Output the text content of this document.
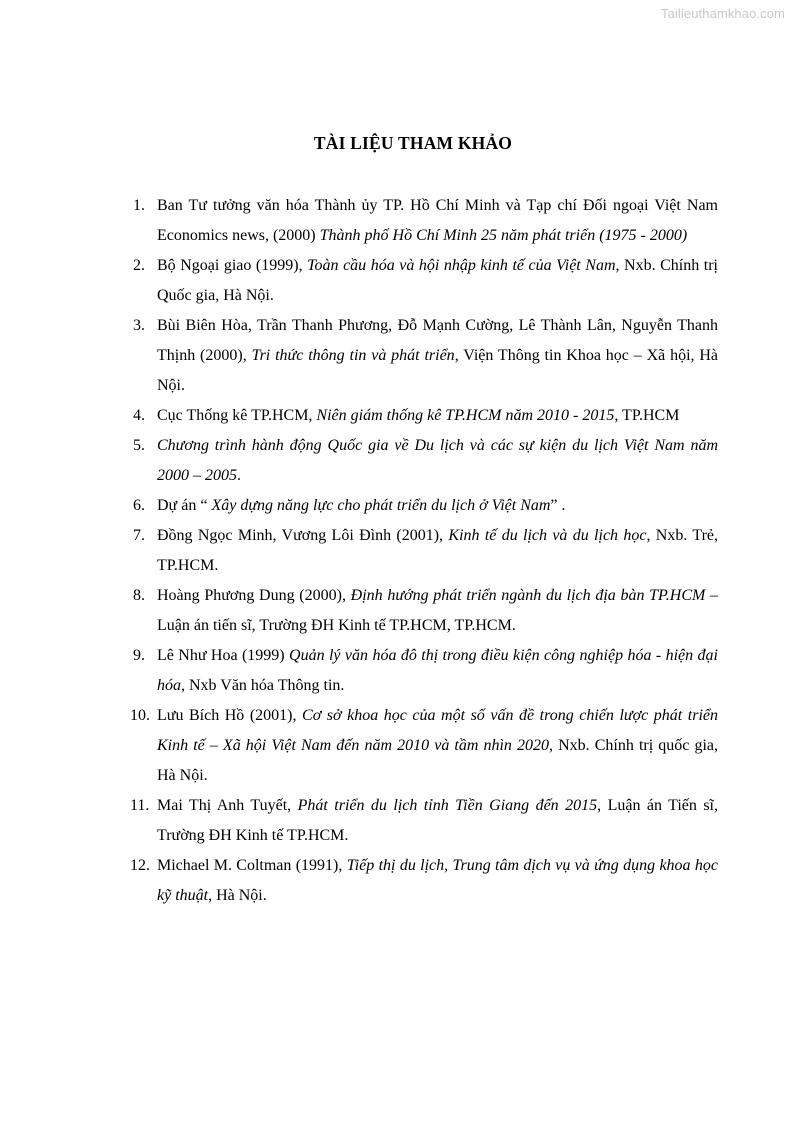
Tailieuthamkhao.com
TÀI LIỆU THAM KHẢO
1. Ban Tư tưởng văn hóa Thành ủy TP. Hồ Chí Minh và Tạp chí Đối ngoại Việt Nam Economics news, (2000) Thành phố Hồ Chí Minh 25 năm phát triển (1975 - 2000)
2. Bộ Ngoại giao (1999), Toàn cầu hóa và hội nhập kinh tế của Việt Nam, Nxb. Chính trị Quốc gia, Hà Nội.
3. Bùi Biên Hòa, Trần Thanh Phương, Đỗ Mạnh Cường, Lê Thành Lân, Nguyễn Thanh Thịnh (2000), Tri thức thông tin và phát triển, Viện Thông tin Khoa học – Xã hội, Hà Nội.
4. Cục Thống kê TP.HCM, Niên giám thống kê TP.HCM năm 2010 - 2015, TP.HCM
5. Chương trình hành động Quốc gia về Du lịch và các sự kiện du lịch Việt Nam năm 2000 – 2005.
6. Dự án “ Xây dựng năng lực cho phát triển du lịch ở Việt Nam” .
7. Đồng Ngọc Minh, Vương Lôi Đình (2001), Kinh tế du lịch và du lịch học, Nxb. Trẻ, TP.HCM.
8. Hoàng Phương Dung (2000), Định hướng phát triển ngành du lịch địa bàn TP.HCM – Luận án tiến sĩ, Trường ĐH Kinh tế TP.HCM, TP.HCM.
9. Lê Như Hoa (1999) Quản lý văn hóa đô thị trong điều kiện công nghiệp hóa - hiện đại hóa, Nxb Văn hóa Thông tin.
10. Lưu Bích Hồ (2001), Cơ sở khoa học của một số vấn đề trong chiến lược phát triển Kinh tế – Xã hội Việt Nam đến năm 2010 và tầm nhìn 2020, Nxb. Chính trị quốc gia, Hà Nội.
11. Mai Thị Anh Tuyết, Phát triển du lịch tỉnh Tiền Giang đến 2015, Luận án Tiến sĩ, Trường ĐH Kinh tế TP.HCM.
12. Michael M. Coltman (1991), Tiếp thị du lịch, Trung tâm dịch vụ và ứng dụng khoa học kỹ thuật, Hà Nội.
